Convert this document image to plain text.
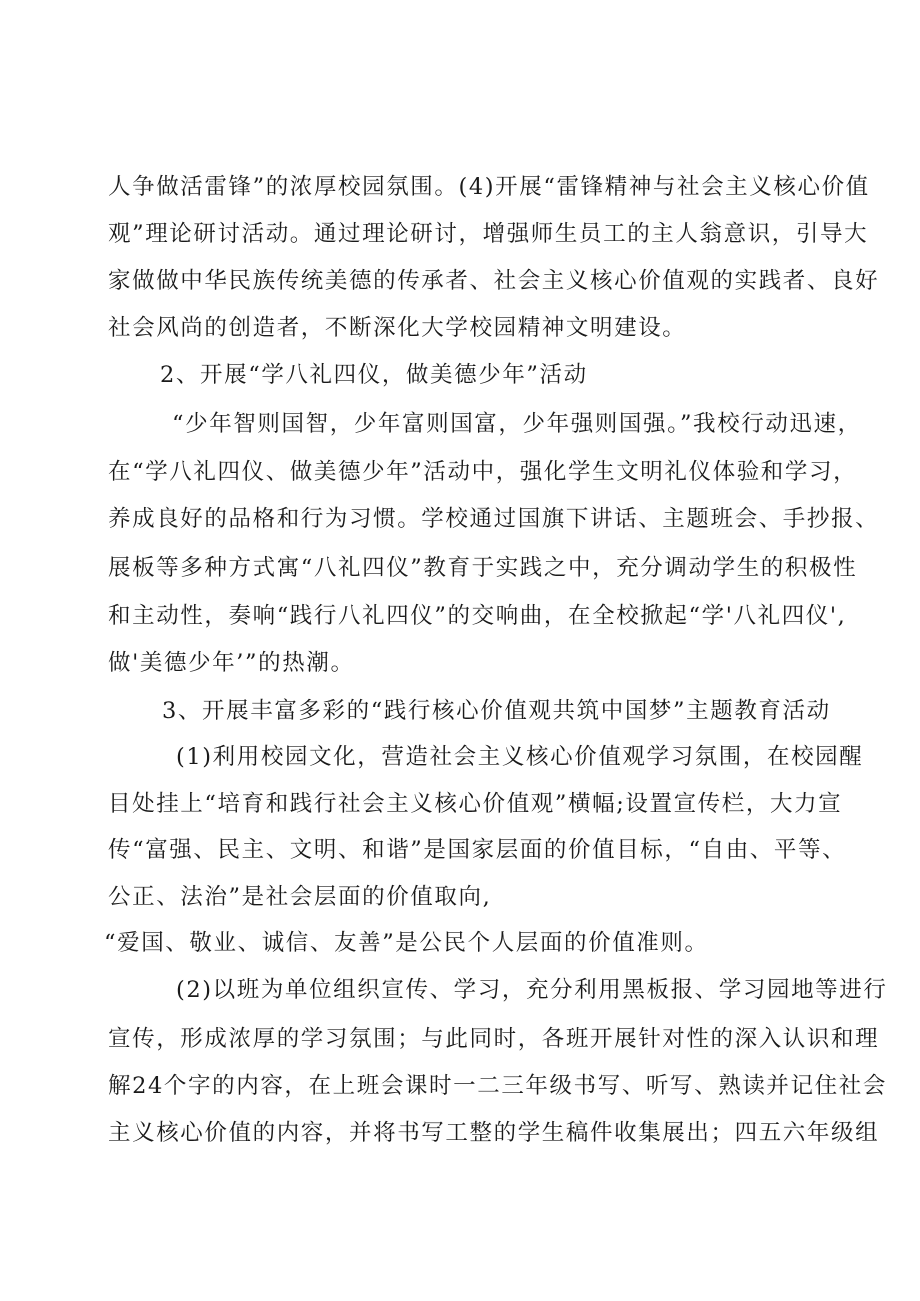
人争做活雷锋”的浓厚校园氛围。(4)开展“雷锋精神与社会主义核心价值
观”理论研讨活动。通过理论研讨，增强师生员工的主人翁意识，引导大
家做做中华民族传统美德的传承者、社会主义核心价值观的实践者、良好
社会风尚的创造者，不断深化大学校园精神文明建设。
2、开展“学八礼四仪，做美德少年”活动
“少年智则国智，少年富则国富，少年强则国强。”我校行动迅速，
在“学八礼四仪、做美德少年”活动中，强化学生文明礼仪体验和学习，
养成良好的品格和行为习惯。学校通过国旗下讲话、主题班会、手抄报、
展板等多种方式寓“八礼四仪”教育于实践之中，充分调动学生的积极性
和主动性，奏响“践行八礼四仪”的交响曲，在全校掀起“学'八礼四仪',
做'美德少年’”的热潮。
3、开展丰富多彩的“践行核心价值观共筑中国梦”主题教育活动
(1)利用校园文化，营造社会主义核心价值观学习氛围，在校园醒
目处挂上“培育和践行社会主义核心价值观”横幅;设置宣传栏，大力宣
传“富强、民主、文明、和谐”是国家层面的价值目标，“自由、平等、
公正、法治”是社会层面的价值取向,
“爱国、敬业、诚信、友善”是公民个人层面的价值准则。
(2)以班为单位组织宣传、学习，充分利用黑板报、学习园地等进行
宣传，形成浓厚的学习氛围；与此同时，各班开展针对性的深入认识和理
解24个字的内容，在上班会课时一二三年级书写、听写、熟读并记住社会
主义核心价值的内容，并将书写工整的学生稿件收集展出；四五六年级组
